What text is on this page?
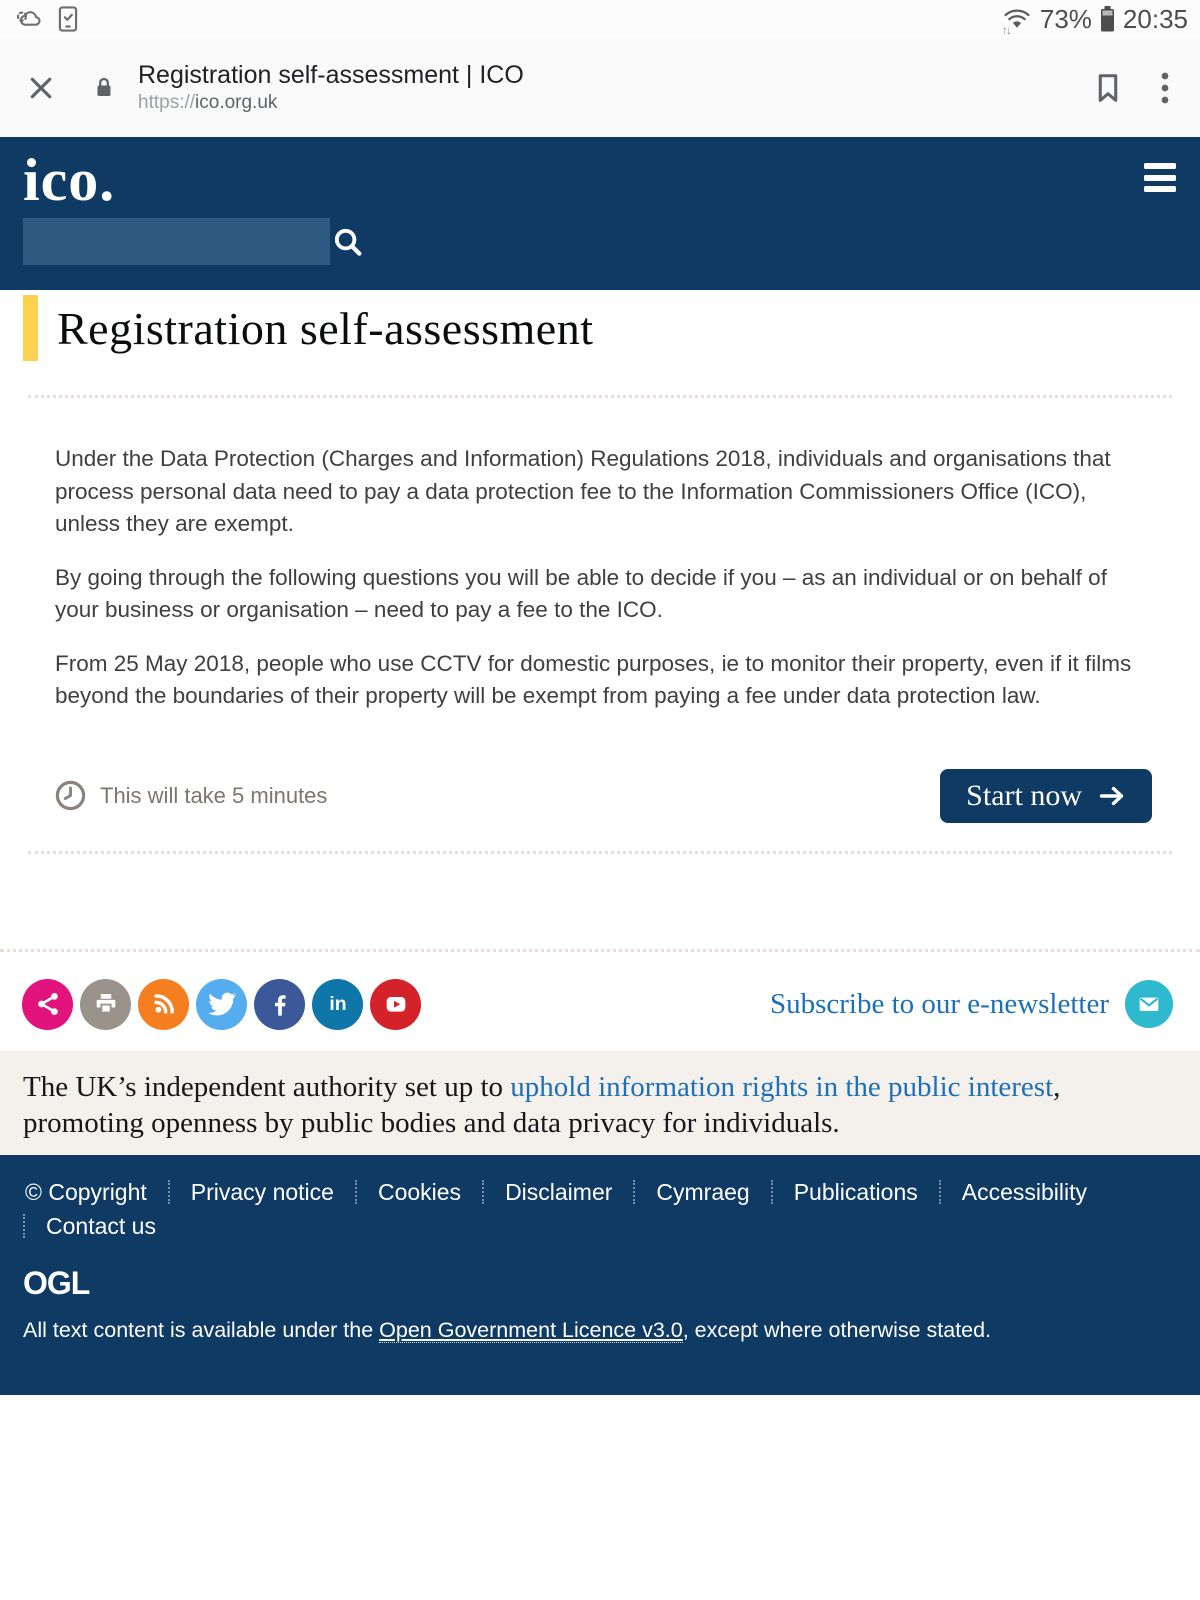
↑↓ 73% 20:35
Registration self-assessment | ICO
https://ico.org.uk
ico.
Registration self-assessment

Under the Data Protection (Charges and Information) Regulations 2018, individuals and organisations that process personal data need to pay a data protection fee to the Information Commissioners Office (ICO), unless they are exempt.

By going through the following questions you will be able to decide if you – as an individual or on behalf of your business or organisation – need to pay a fee to the ICO.

From 25 May 2018, people who use CCTV for domestic purposes, ie to monitor their property, even if it films beyond the boundaries of their property will be exempt from paying a fee under data protection law.

This will take 5 minutes	Start now
in	Subscribe to our e-newsletter

The UK’s independent authority set up to uphold information rights in the public interest, promoting openness by public bodies and data privacy for individuals.

© Copyright	Privacy notice	Cookies	Disclaimer	Cymraeg	Publications	Accessibility
Contact us
OGL

All text content is available under the Open Government Licence v3.0, except where otherwise stated.
